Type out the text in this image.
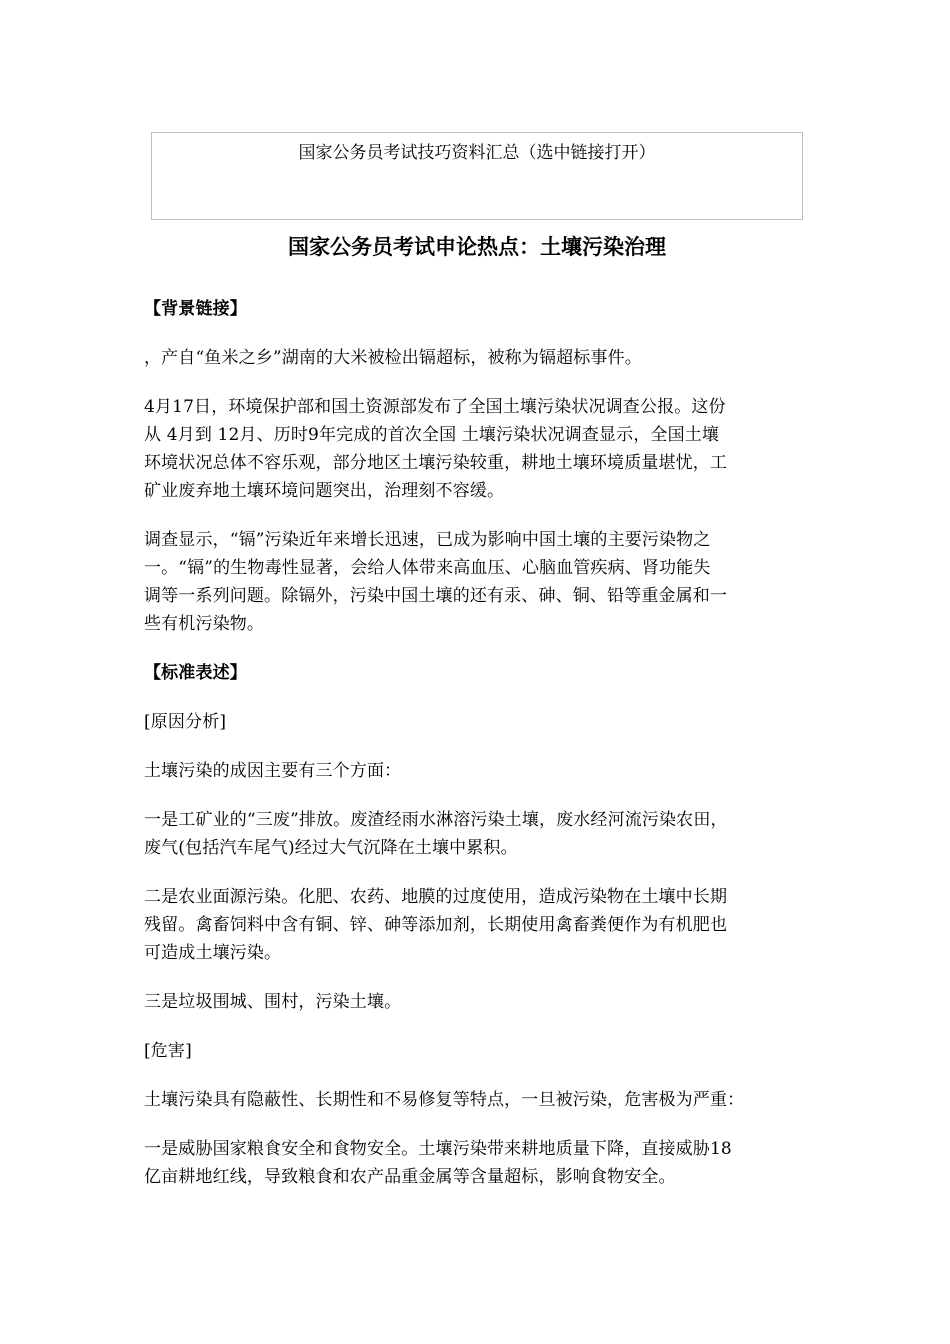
国家公务员考试技巧资料汇总（选中链接打开）
国家公务员考试申论热点：土壤污染治理

【背景链接】

，产自“鱼米之乡”湖南的大米被检出镉超标，被称为镉超标事件。

4月17日，环境保护部和国土资源部发布了全国土壤污染状况调查公报。这份
从 4月到 12月、历时9年完成的首次全国 土壤污染状况调查显示，全国土壤
环境状况总体不容乐观，部分地区土壤污染较重，耕地土壤环境质量堪忧，工
矿业废弃地土壤环境问题突出，治理刻不容缓。

调查显示，“镉”污染近年来增长迅速，已成为影响中国土壤的主要污染物之
一。“镉”的生物毒性显著，会给人体带来高血压、心脑血管疾病、肾功能失
调等一系列问题。除镉外，污染中国土壤的还有汞、砷、铜、铅等重金属和一
些有机污染物。

【标准表述】

[原因分析]

土壤污染的成因主要有三个方面：

一是工矿业的“三废”排放。废渣经雨水淋溶污染土壤，废水经河流污染农田，
废气(包括汽车尾气)经过大气沉降在土壤中累积。

二是农业面源污染。化肥、农药、地膜的过度使用，造成污染物在土壤中长期
残留。禽畜饲料中含有铜、锌、砷等添加剂，长期使用禽畜粪便作为有机肥也
可造成土壤污染。

三是垃圾围城、围村，污染土壤。

[危害]

土壤污染具有隐蔽性、长期性和不易修复等特点，一旦被污染，危害极为严重：

一是威胁国家粮食安全和食物安全。土壤污染带来耕地质量下降，直接威胁18
亿亩耕地红线，导致粮食和农产品重金属等含量超标，影响食物安全。
